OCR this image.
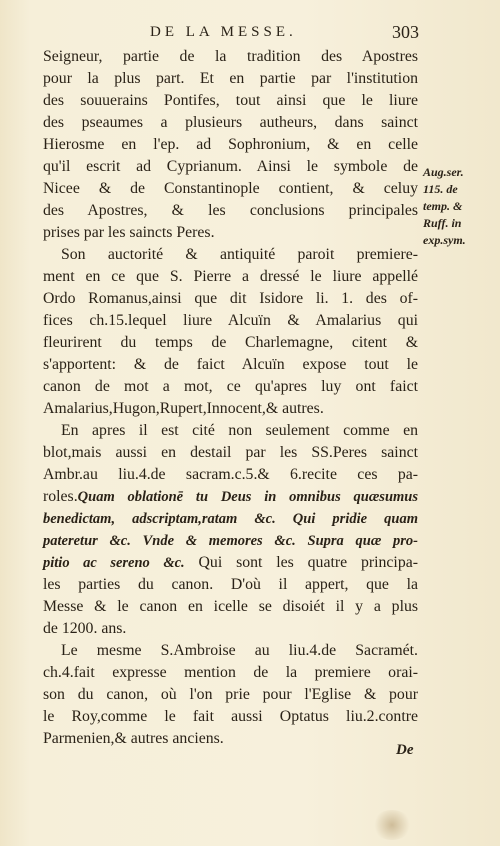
DE LA MESSE.	303
Seigneur, partie de la tradition des Apostres
pour la plus part. Et en partie par l'institution
des souuerains Pontifes, tout ainsi que le liure
des pseaumes a plusieurs autheurs, dans sainct
Hierosme en l'ep. ad Sophronium, & en celle
qu'il escrit ad Cyprianum. Ainsi le symbole de
Nicee & de Constantinople contient, & celuy
des Apostres, & les conclusions principales
prises par les saincts Peres.
Son auctorité & antiquité paroit premiere-
ment en ce que S. Pierre a dressé le liure appellé
Ordo Romanus,ainsi que dit Isidore li. 1. des of-
fices ch.15.lequel liure Alcuïn & Amalarius qui
fleurirent du temps de Charlemagne, citent &
s'apportent: & de faict Alcuïn expose tout le
canon de mot a mot, ce qu'apres luy ont faict
Amalarius,Hugon,Rupert,Innocent,& autres.
En apres il est cité non seulement comme en
blot,mais aussi en destail par les SS.Peres sainct
Ambr.au liu.4.de sacram.c.5.& 6.recite ces pa-
roles.Quam oblationē tu Deus in omnibus quæsumus
benedictam, adscriptam,ratam &c. Qui pridie quam
pateretur &c. Vnde & memores &c. Supra quæ pro-
pitio ac sereno &c. Qui sont les quatre principa-
les parties du canon. D'où il appert, que la
Messe & le canon en icelle se disoiét il y a plus
de 1200. ans.
Le mesme S.Ambroise au liu.4.de Sacramét.
ch.4.fait expresse mention de la premiere orai-
son du canon, où l'on prie pour l'Eglise & pour
le Roy,comme le fait aussi Optatus liu.2.contre
Parmenien,& autres anciens.
Aug.ser.
115. de
temp. &
Ruff. in
exp.sym.
De
